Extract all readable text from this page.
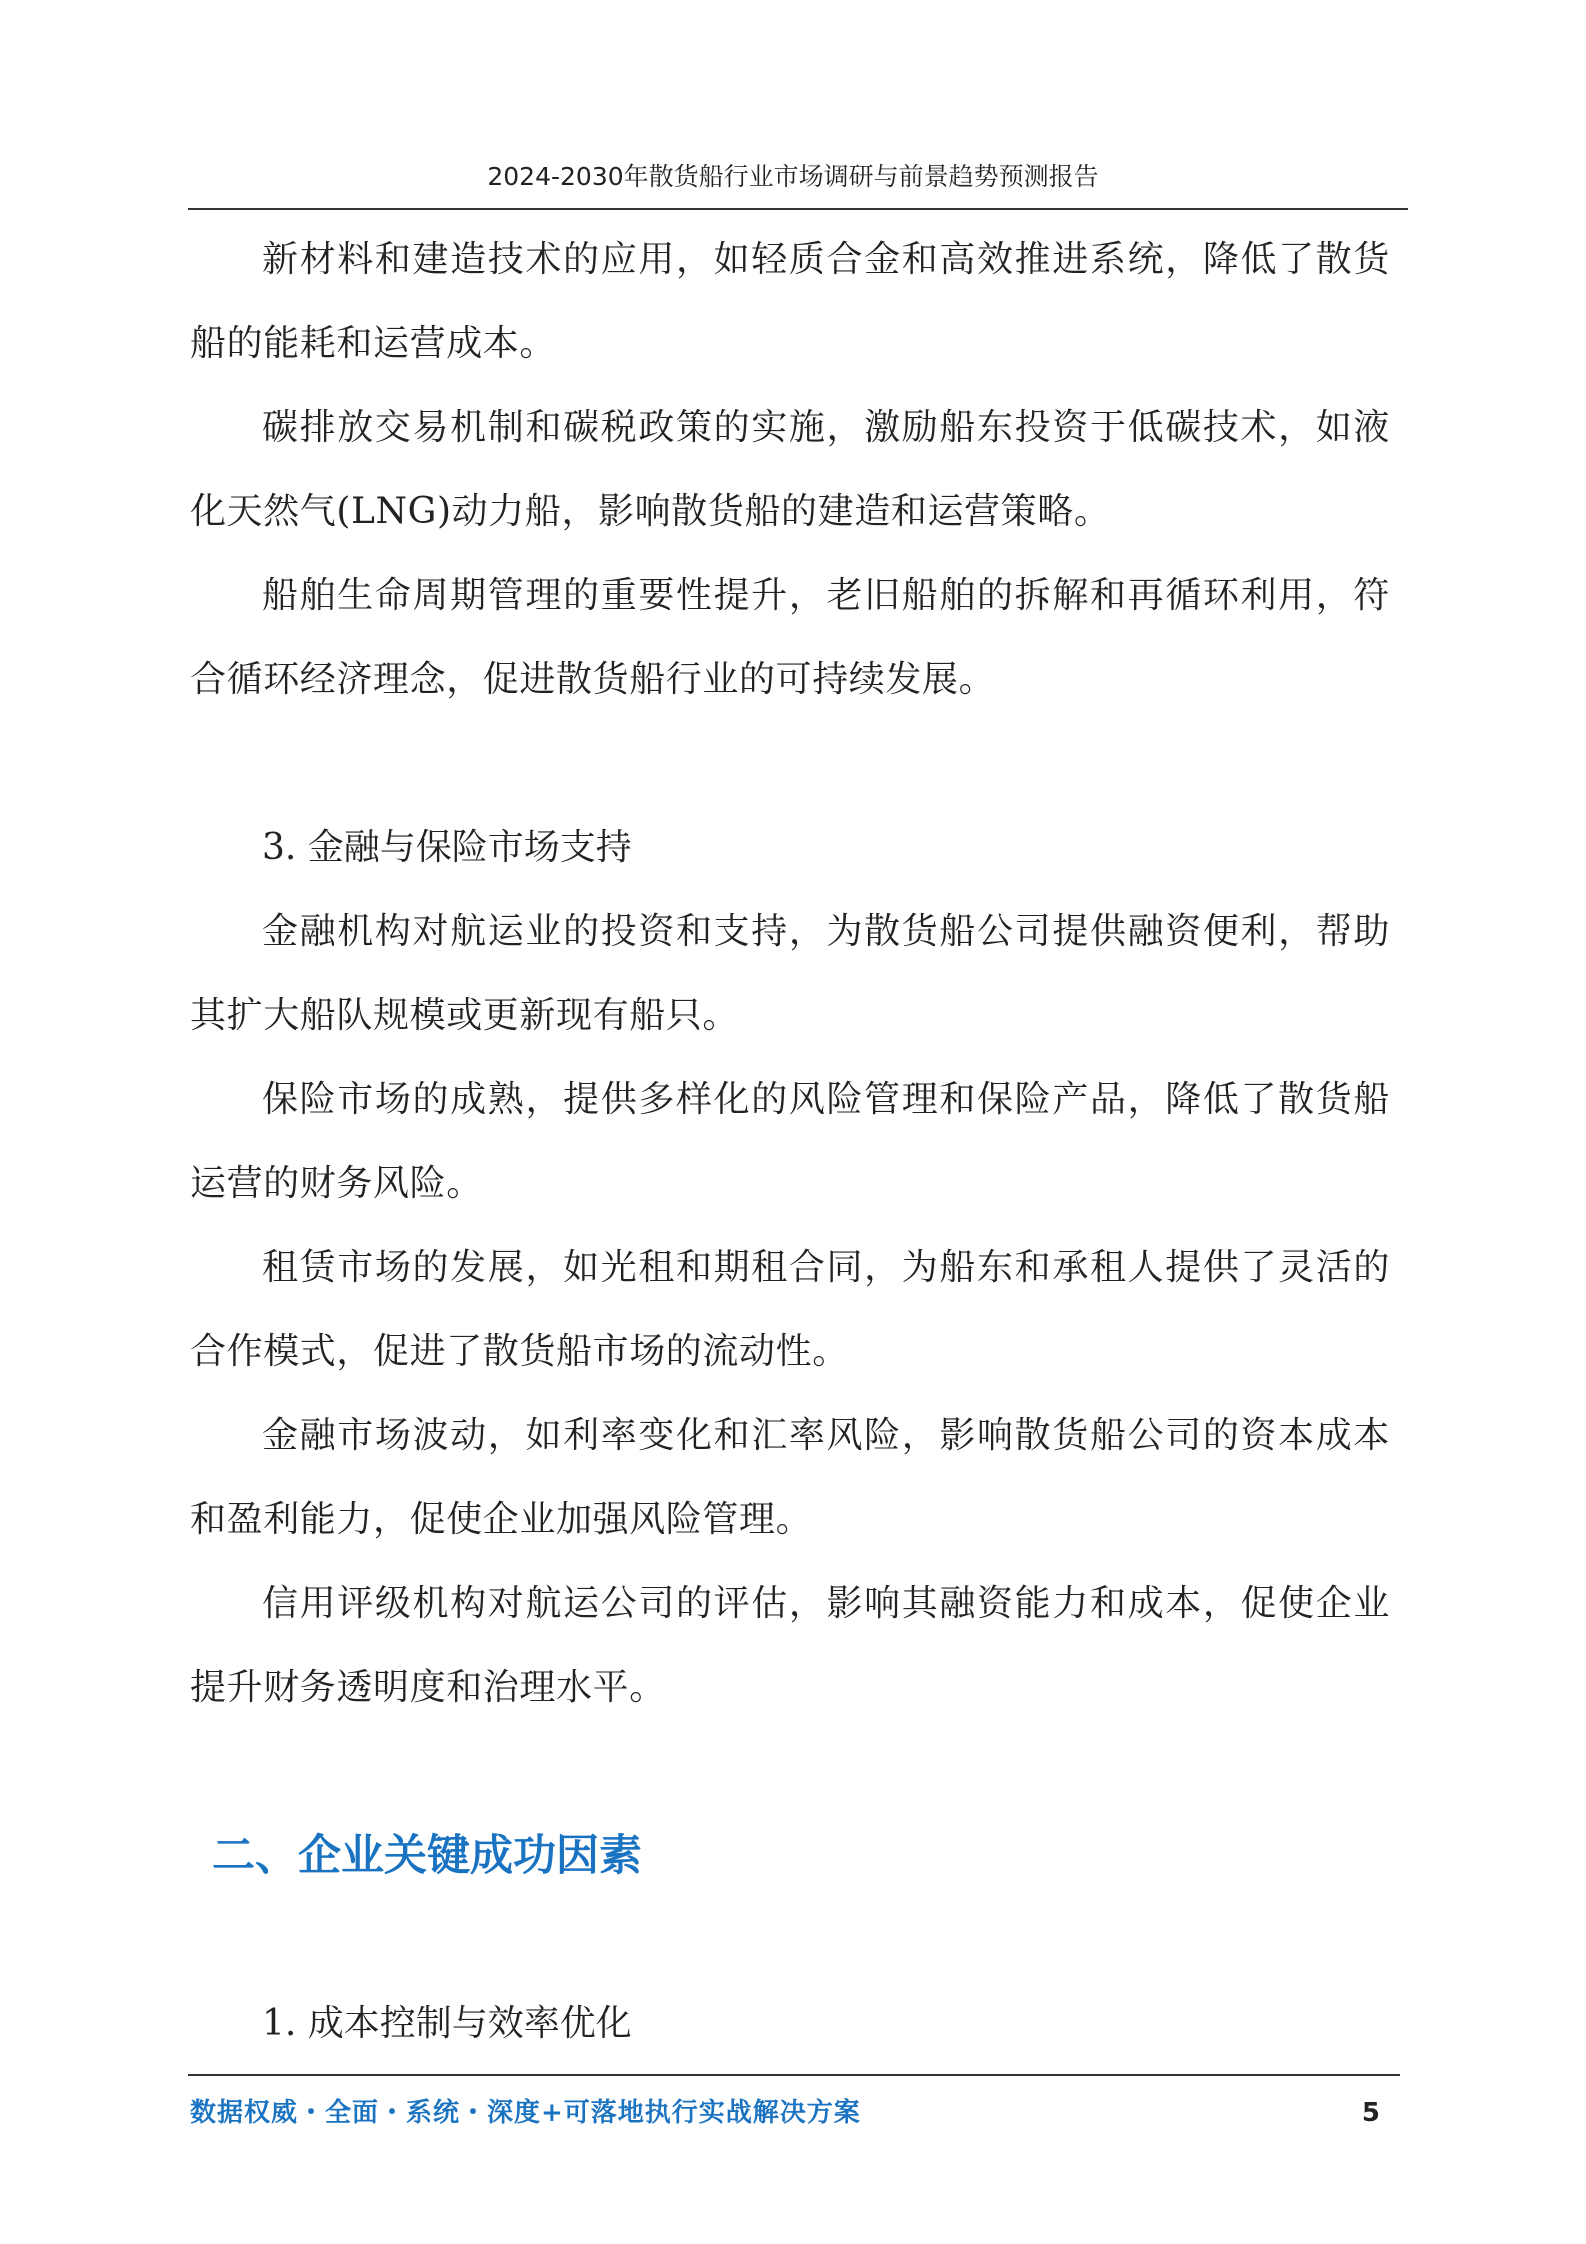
2024-2030年散货船行业市场调研与前景趋势预测报告

新材料和建造技术的应用，如轻质合金和高效推进系统，降低了散货船的能耗和运营成本。

碳排放交易机制和碳税政策的实施，激励船东投资于低碳技术，如液化天然气(LNG)动力船，影响散货船的建造和运营策略。

船舶生命周期管理的重要性提升，老旧船舶的拆解和再循环利用，符合循环经济理念，促进散货船行业的可持续发展。

3. 金融与保险市场支持

金融机构对航运业的投资和支持，为散货船公司提供融资便利，帮助其扩大船队规模或更新现有船只。

保险市场的成熟，提供多样化的风险管理和保险产品，降低了散货船运营的财务风险。

租赁市场的发展，如光租和期租合同，为船东和承租人提供了灵活的合作模式，促进了散货船市场的流动性。

金融市场波动，如利率变化和汇率风险，影响散货船公司的资本成本和盈利能力，促使企业加强风险管理。

信用评级机构对航运公司的评估，影响其融资能力和成本，促使企业提升财务透明度和治理水平。

二、企业关键成功因素

1. 成本控制与效率优化

数据权威・全面・系统・深度+可落地执行实战解决方案	5
